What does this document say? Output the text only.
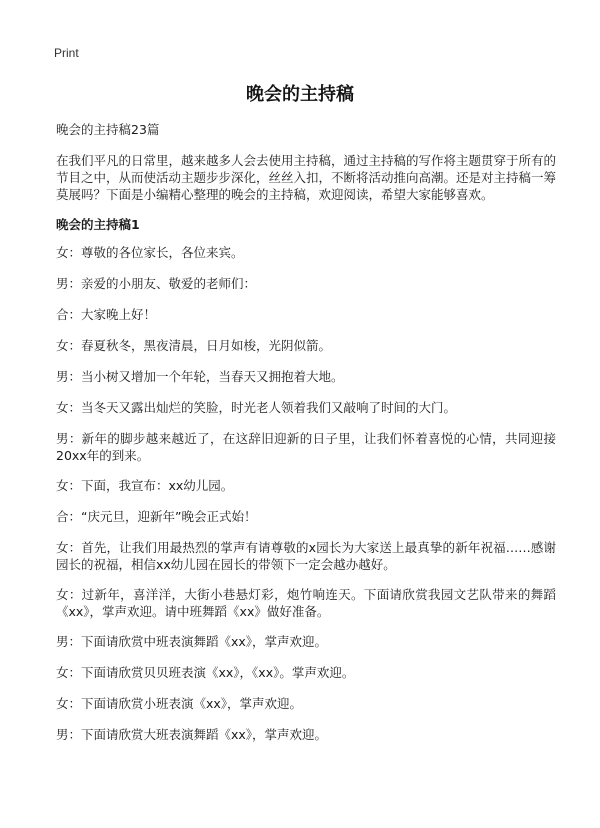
Print
晚会的主持稿

晚会的主持稿23篇

在我们平凡的日常里，越来越多人会去使用主持稿，通过主持稿的写作将主题贯穿于所有的节目之中，从而使活动主题步步深化，丝丝入扣，不断将活动推向高潮。还是对主持稿一筹莫展吗？下面是小编精心整理的晚会的主持稿，欢迎阅读，希望大家能够喜欢。

晚会的主持稿1

女：尊敬的各位家长，各位来宾。

男：亲爱的小朋友、敬爱的老师们：

合：大家晚上好！

女：春夏秋冬，黑夜清晨，日月如梭，光阴似箭。

男：当小树又增加一个年轮，当春天又拥抱着大地。

女：当冬天又露出灿烂的笑脸，时光老人领着我们又敲响了时间的大门。

男：新年的脚步越来越近了，在这辞旧迎新的日子里，让我们怀着喜悦的心情，共同迎接20xx年的到来。

女：下面，我宣布：xx幼儿园。

合：“庆元旦，迎新年”晚会正式始！

女：首先，让我们用最热烈的掌声有请尊敬的x园长为大家送上最真挚的新年祝福……感谢园长的祝福，相信xx幼儿园在园长的带领下一定会越办越好。

女：过新年，喜洋洋，大街小巷悬灯彩，炮竹响连天。下面请欣赏我园文艺队带来的舞蹈《xx》，掌声欢迎。请中班舞蹈《xx》做好准备。

男：下面请欣赏中班表演舞蹈《xx》，掌声欢迎。

女：下面请欣赏贝贝班表演《xx》，《xx》。掌声欢迎。

女：下面请欣赏小班表演《xx》，掌声欢迎。

男：下面请欣赏大班表演舞蹈《xx》，掌声欢迎。
